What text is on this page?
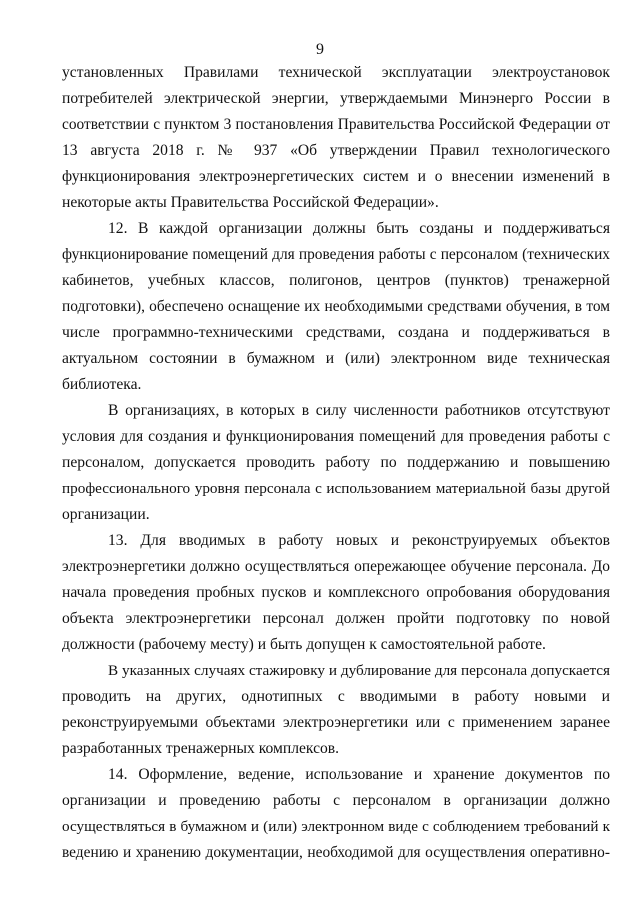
9
установленных Правилами технической эксплуатации электроустановок
потребителей электрической энергии, утверждаемыми Минэнерго России в
соответствии с пунктом 3 постановления Правительства Российской Федерации от
13 августа 2018 г. № 937 «Об утверждении Правил технологического
функционирования электроэнергетических систем и о внесении изменений в
некоторые акты Правительства Российской Федерации».
12. В каждой организации должны быть созданы и поддерживаться
функционирование помещений для проведения работы с персоналом (технических
кабинетов, учебных классов, полигонов, центров (пунктов) тренажерной
подготовки), обеспечено оснащение их необходимыми средствами обучения, в том
числе программно-техническими средствами, создана и поддерживаться в
актуальном состоянии в бумажном и (или) электронном виде техническая
библиотека.
В организациях, в которых в силу численности работников отсутствуют
условия для создания и функционирования помещений для проведения работы с
персоналом, допускается проводить работу по поддержанию и повышению
профессионального уровня персонала с использованием материальной базы другой
организации.
13. Для вводимых в работу новых и реконструируемых объектов
электроэнергетики должно осуществляться опережающее обучение персонала. До
начала проведения пробных пусков и комплексного опробования оборудования
объекта электроэнергетики персонал должен пройти подготовку по новой
должности (рабочему месту) и быть допущен к самостоятельной работе.
В указанных случаях стажировку и дублирование для персонала допускается
проводить на других, однотипных с вводимыми в работу новыми и
реконструируемыми объектами электроэнергетики или с применением заранее
разработанных тренажерных комплексов.
14. Оформление, ведение, использование и хранение документов по
организации и проведению работы с персоналом в организации должно
осуществляться в бумажном и (или) электронном виде с соблюдением требований к
ведению и хранению документации, необходимой для осуществления оперативно-
